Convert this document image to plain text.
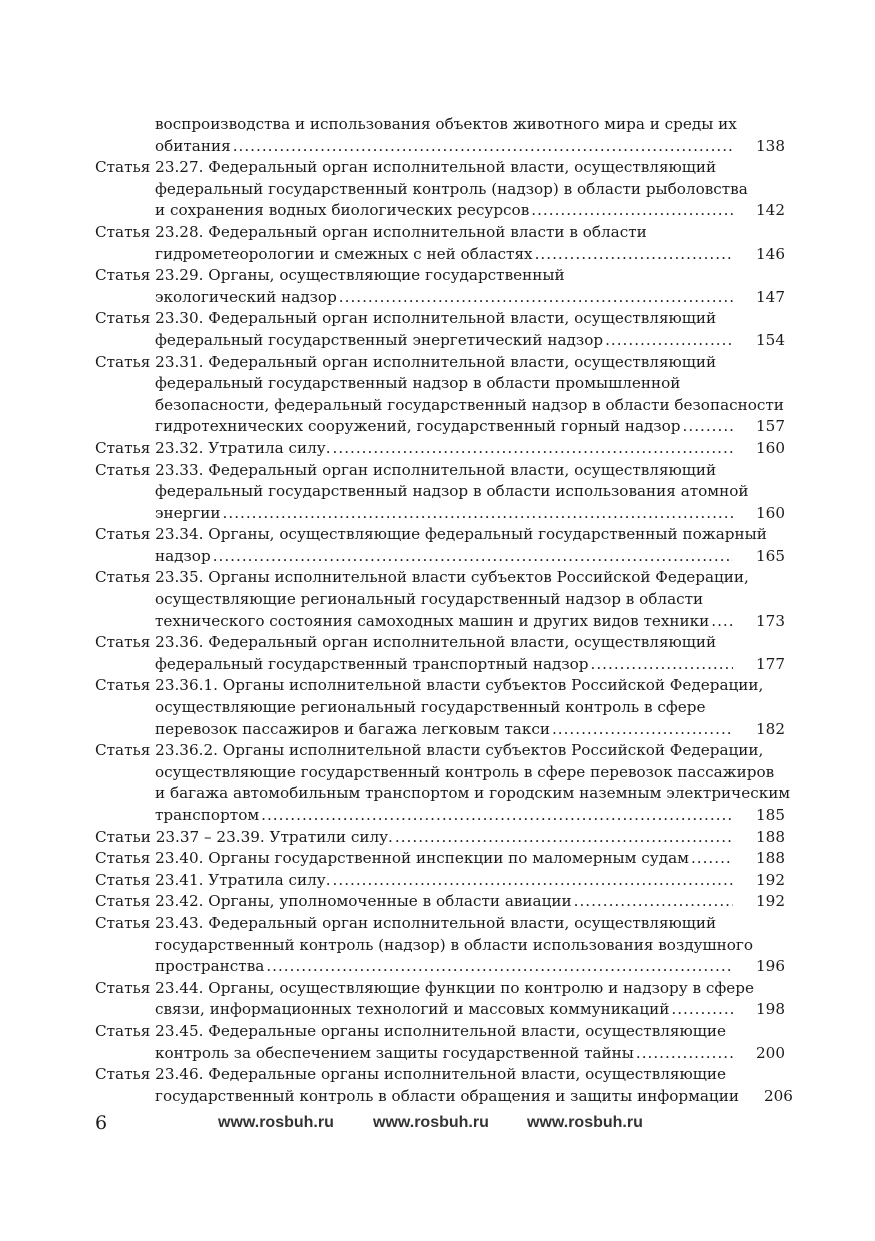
воспроизводства и использования объектов животного мира и среды их
обитания .....	138
Статья 23.27. Федеральный орган исполнительной власти, осуществляющий
федеральный государственный контроль (надзор) в области рыболовства
и сохранения водных биологических ресурсов .....	142
Статья 23.28. Федеральный орган исполнительной власти в области
гидрометеорологии и смежных с ней областях .....	146
Статья 23.29. Органы, осуществляющие государственный
экологический надзор .....	147
Статья 23.30. Федеральный орган исполнительной власти, осуществляющий
федеральный государственный энергетический надзор .....	154
Статья 23.31. Федеральный орган исполнительной власти, осуществляющий
федеральный государственный надзор в области промышленной
безопасности, федеральный государственный надзор в области безопасности
гидротехнических сооружений, государственный горный надзор .....	157
Статья 23.32. Утратила силу. .....	160
Статья 23.33. Федеральный орган исполнительной власти, осуществляющий
федеральный государственный надзор в области использования атомной
энергии .....	160
Статья 23.34. Органы, осуществляющие федеральный государственный пожарный
надзор .....	165
Статья 23.35. Органы исполнительной власти субъектов Российской Федерации,
осуществляющие региональный государственный надзор в области
технического состояния самоходных машин и других видов техники .....	173
Статья 23.36. Федеральный орган исполнительной власти, осуществляющий
федеральный государственный транспортный надзор .....	177
Статья 23.36.1. Органы исполнительной власти субъектов Российской Федерации,
осуществляющие региональный государственный контроль в сфере
перевозок пассажиров и багажа легковым такси .....	182
Статья 23.36.2. Органы исполнительной власти субъектов Российской Федерации,
осуществляющие государственный контроль в сфере перевозок пассажиров
и багажа автомобильным транспортом и городским наземным электрическим
транспортом .....	185
Статьи 23.37 – 23.39. Утратили силу. .....	188
Статья 23.40. Органы государственной инспекции по маломерным судам .....	188
Статья 23.41. Утратила силу. .....	192
Статья 23.42. Органы, уполномоченные в области авиации .....	192
Статья 23.43. Федеральный орган исполнительной власти, осуществляющий
государственный контроль (надзор) в области использования воздушного
пространства .....	196
Статья 23.44. Органы, осуществляющие функции по контролю и надзору в сфере
связи, информационных технологий и массовых коммуникаций .....	198
Статья 23.45. Федеральные органы исполнительной власти, осуществляющие
контроль за обеспечением защиты государственной тайны .....	200
Статья 23.46. Федеральные органы исполнительной власти, осуществляющие
государственный контроль в области обращения и защиты информации	206
6	www.rosbuh.ru www.rosbuh.ru www.rosbuh.ru
